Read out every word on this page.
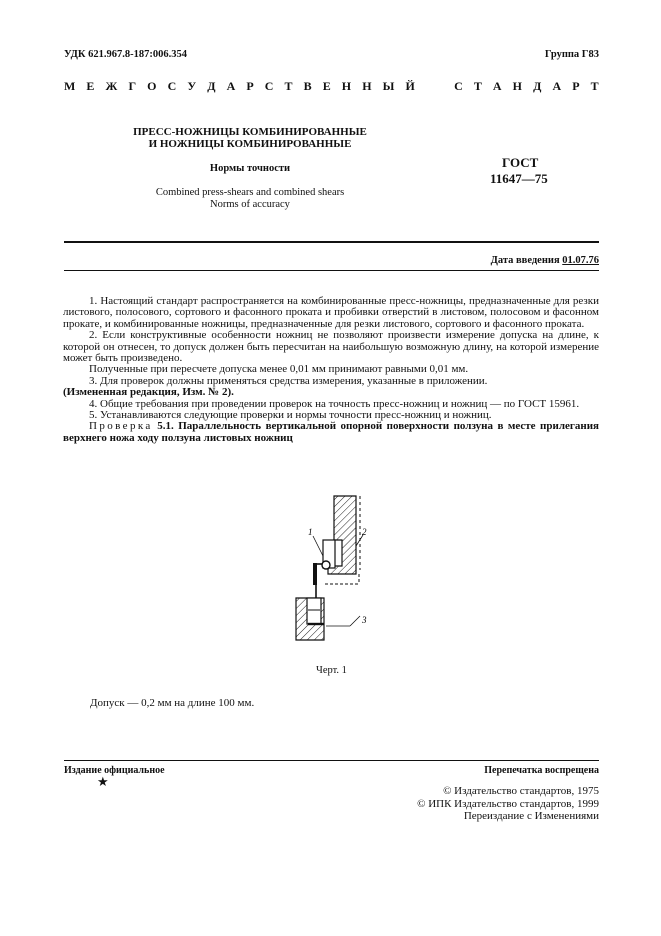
УДК 621.967.8-187:006.354	Группа Г83
М Е Ж Г О С У Д А Р С Т В Е Н Н Ы Й

	С Т А Н Д А Р Т
ПРЕСС-НОЖНИЦЫ КОМБИНИРОВАННЫЕ
И НОЖНИЦЫ КОМБИНИРОВАННЫЕ
Нормы точности
Combined press-shears and combined shears
Norms of accuracy
ГОСТ
11647—75
Дата введения 01.07.76

1. Настоящий стандарт распространяется на комбинированные пресс-ножницы, предназначенные для резки листового, полосового, сортового и фасонного проката и пробивки отверстий в листовом, полосовом и фасонном прокате, и комбинированные ножницы, предназначенные для резки листового, сортового и фасонного проката.

2. Если конструктивные особенности ножниц не позволяют произвести измерение допуска на длине, к которой он отнесен, то допуск должен быть пересчитан на наибольшую возможную длину, на которой измерение может быть произведено.

Полученные при пересчете допуска менее 0,01 мм принимают равными 0,01 мм.

3. Для проверок должны применяться средства измерения, указанные в приложении.

(Измененная редакция, Изм. № 2).

4. Общие требования при проведении проверок на точность пресс-ножниц и ножниц — по ГОСТ 15961.

5. Устанавливаются следующие проверки и нормы точности пресс-ножниц и ножниц.

Проверка 5.1. Параллельность вертикальной опорной поверхности ползуна в месте прилегания верхнего ножа ходу ползуна листовых ножниц

1	2
3
Черт. 1
Допуск — 0,2 мм на длине 100 мм.
Издание официальное	Перепечатка воспрещена
★
© Издательство стандартов, 1975
© ИПК Издательство стандартов, 1999
Переиздание с Изменениями
